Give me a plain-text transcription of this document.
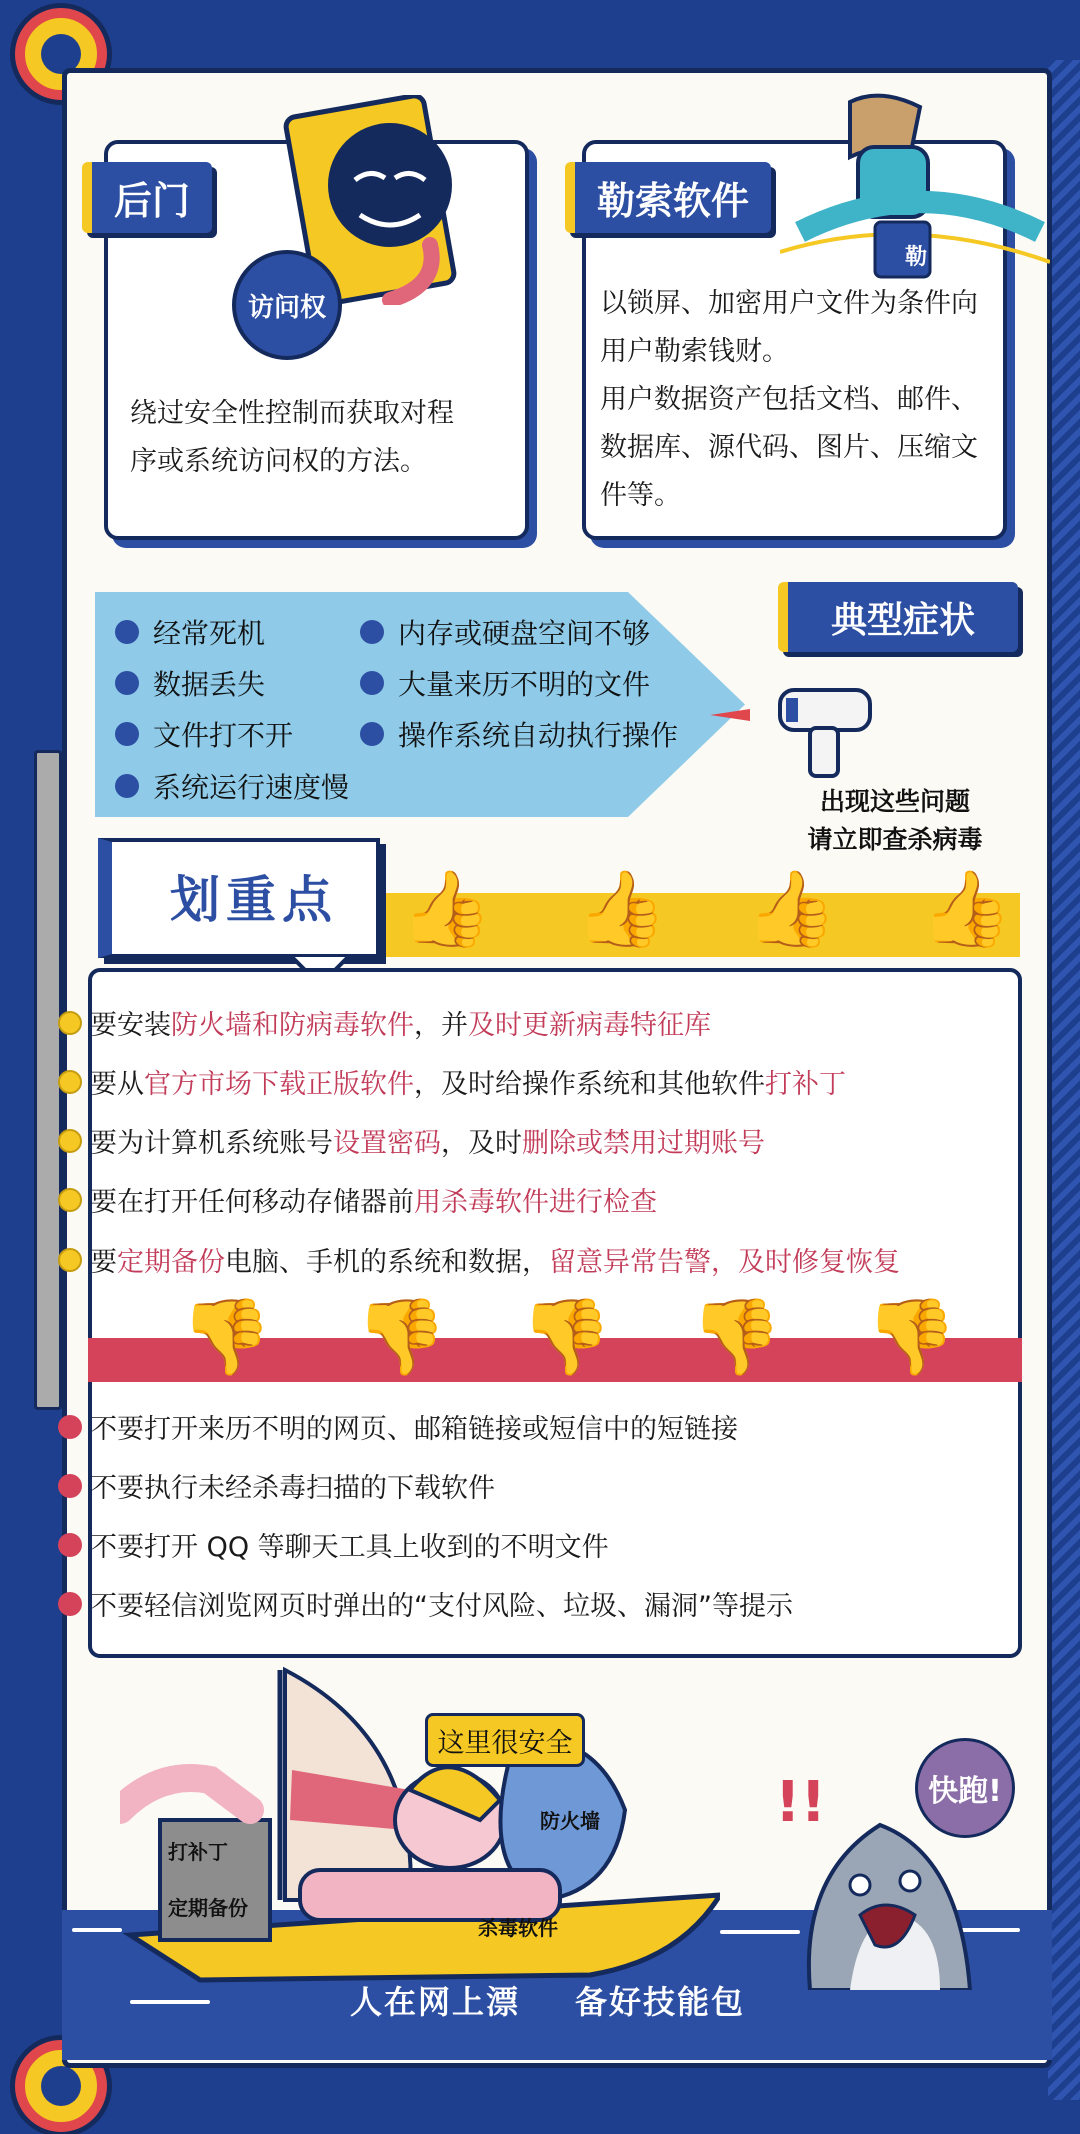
后门
访问权
绕过安全性控制而获取对程
序或系统访问权的方法。
勒索软件
勒
以锁屏、加密用户文件为条件向
用户勒索钱财。
用户数据资产包括文档、邮件、
数据库、源代码、图片、压缩文
件等。
经常死机	内存或硬盘空间不够
数据丢失	大量来历不明的文件
文件打不开	操作系统自动执行操作
系统运行速度慢
典型症状
出现这些问题
请立即查杀病毒
划重点 👍 👍 👍 👍
要安装防火墙和防病毒软件，并及时更新病毒特征库
要从官方市场下载正版软件，及时给操作系统和其他软件打补丁
要为计算机系统账号设置密码，及时删除或禁用过期账号
要在打开任何移动存储器前用杀毒软件进行检查
要定期备份电脑、手机的系统和数据，留意异常告警，及时修复恢复
👎 👎 👎 👎 👎
不要打开来历不明的网页、邮箱链接或短信中的短链接
不要执行未经杀毒扫描的下载软件
不要打开 QQ 等聊天工具上收到的不明文件
不要轻信浏览网页时弹出的“支付风险、垃圾、漏洞”等提示
打补丁
定期备份
防火墙
杀毒软件
这里很安全
!!	快跑!
人在网上漂 备好技能包
